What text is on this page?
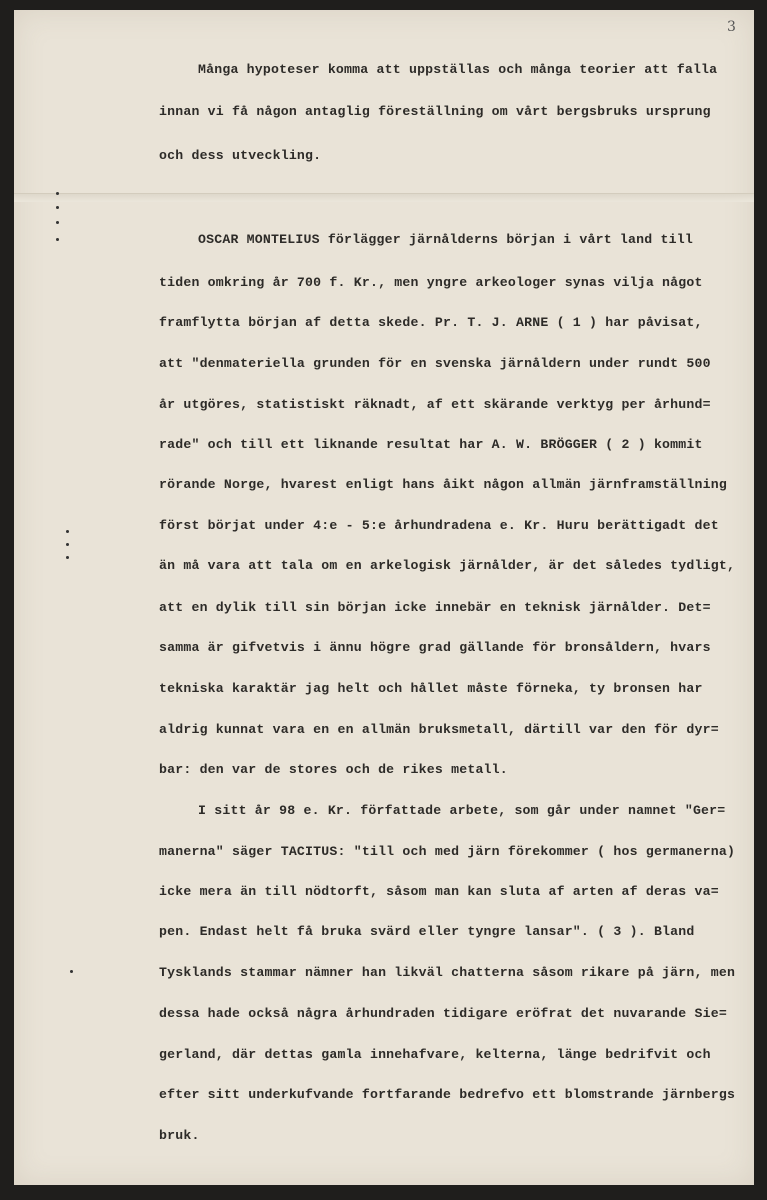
3

Många hypoteser komma att uppställas och många teorier att falla

innan vi få någon antaglig föreställning om vårt bergsbruks ursprung

och dess utveckling.

OSCAR MONTELIUS förlägger järnålderns början i vårt land till

tiden omkring år 700 f. Kr., men yngre arkeologer synas vilja något

framflytta början af detta skede. Pr. T. J. ARNE ( 1 ) har påvisat,

att "denmateriella grunden för en svenska järnåldern under rundt 500

år utgöres, statistiskt räknadt, af ett skärande verktyg per århund=

rade" och till ett liknande resultat har A. W. BRÖGGER ( 2 ) kommit

rörande Norge, hvarest enligt hans åikt någon allmän järnframställning

först börjat under 4:e - 5:e århundradena e. Kr. Huru berättigadt det

än må vara att tala om en arkelogisk järnålder, är det således tydligt,

att en dylik till sin början icke innebär en teknisk järnålder. Det=

samma är gifvetvis i ännu högre grad gällande för bronsåldern, hvars

tekniska karaktär jag helt och hållet måste förneka, ty bronsen har

aldrig kunnat vara en en allmän bruksmetall, därtill var den för dyr=

bar: den var de stores och de rikes metall.

I sitt år 98 e. Kr. författade arbete, som går under namnet "Ger=

manerna" säger TACITUS: "till och med järn förekommer ( hos germanerna)

icke mera än till nödtorft, såsom man kan sluta af arten af deras va=

pen. Endast helt få bruka svärd eller tyngre lansar". ( 3 ). Bland

Tysklands stammar nämner han likväl chatterna såsom rikare på järn, men

dessa hade också några århundraden tidigare eröfrat det nuvarande Sie=

gerland, där dettas gamla innehafvare, kelterna, länge bedrifvit och

efter sitt underkufvande fortfarande bedrefvo ett blomstrande järnbergs

bruk.
